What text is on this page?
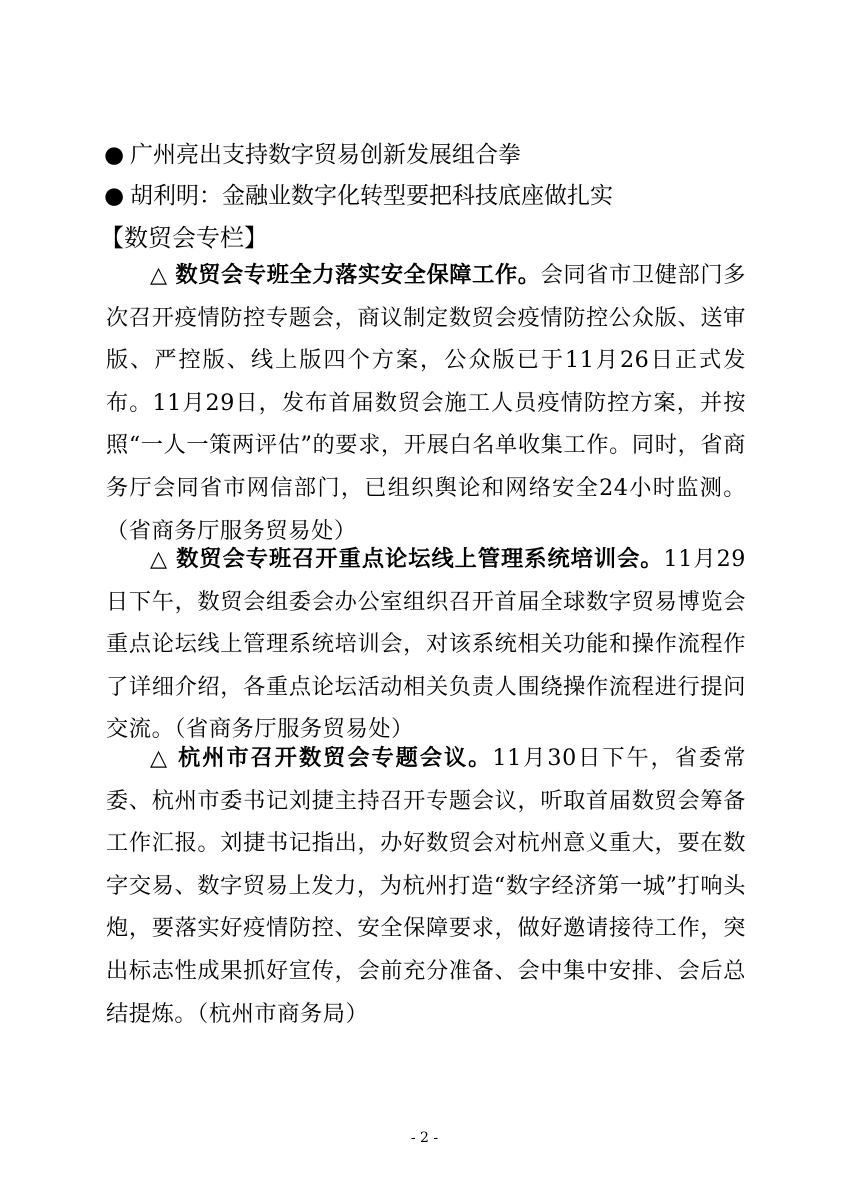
● 广州亮出支持数字贸易创新发展组合拳
● 胡利明：金融业数字化转型要把科技底座做扎实
【数贸会专栏】

△ 数贸会专班全力落实安全保障工作。会同省市卫健部门多次召开疫情防控专题会，商议制定数贸会疫情防控公众版、送审版、严控版、线上版四个方案，公众版已于11月26日正式发布。11月29日，发布首届数贸会施工人员疫情防控方案，并按照“一人一策两评估”的要求，开展白名单收集工作。同时，省商务厅会同省市网信部门，已组织舆论和网络安全24小时监测。（省商务厅服务贸易处）

△ 数贸会专班召开重点论坛线上管理系统培训会。11月29日下午，数贸会组委会办公室组织召开首届全球数字贸易博览会重点论坛线上管理系统培训会，对该系统相关功能和操作流程作了详细介绍，各重点论坛活动相关负责人围绕操作流程进行提问交流。（省商务厅服务贸易处）

△ 杭州市召开数贸会专题会议。11月30日下午，省委常委、杭州市委书记刘捷主持召开专题会议，听取首届数贸会筹备工作汇报。刘捷书记指出，办好数贸会对杭州意义重大，要在数字交易、数字贸易上发力，为杭州打造“数字经济第一城”打响头炮，要落实好疫情防控、安全保障要求，做好邀请接待工作，突出标志性成果抓好宣传，会前充分准备、会中集中安排、会后总结提炼。（杭州市商务局）

- 2 -
